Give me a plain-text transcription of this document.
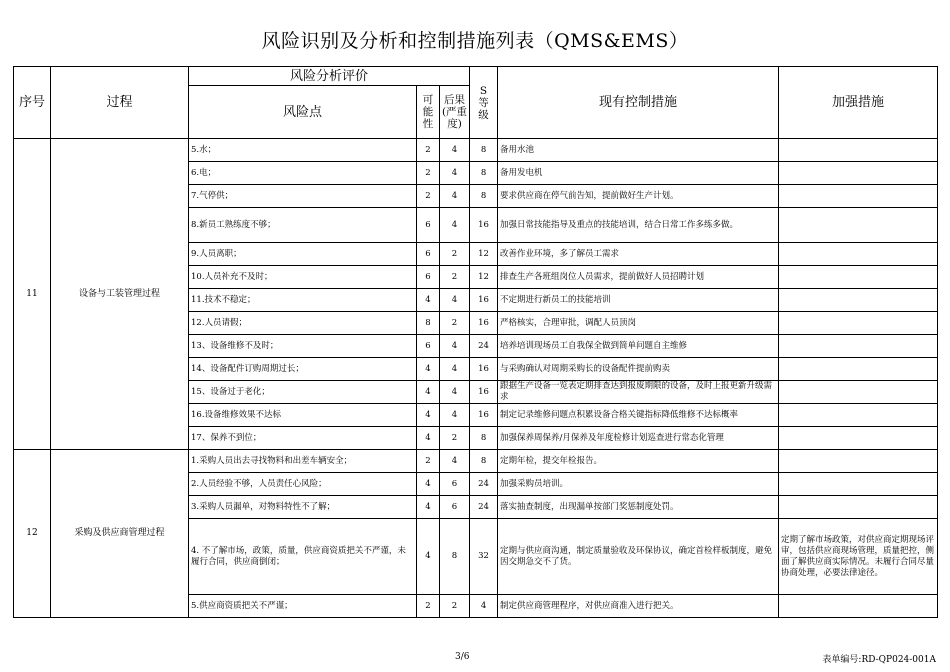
风险识别及分析和控制措施列表（QMS&EMS）
序号	过程	风险分析评价			S等级	现有控制措施	加强措施
		风险点	可能性	后果(严重度)			
11	设备与工装管理过程	5.水；	2	4	8	备用水池	
		6.电；	2	4	8	备用发电机	
		7.气停供；	2	4	8	要求供应商在停气前告知，提前做好生产计划。	
		8.新员工熟练度不够；	6	4	16	加强日常技能指导及重点的技能培训，结合日常工作多练多做。	
		9.人员离职；	6	2	12	改善作业环境，多了解员工需求	
		10.人员补充不及时；	6	2	12	排查生产各班组岗位人员需求，提前做好人员招聘计划	
		11.技术不稳定；	4	4	16	不定期进行新员工的技能培训	
		12.人员请假；	8	2	16	严格核实，合理审批，调配人员顶岗	
		13、设备维修不及时；	6	4	24	培养培训现场员工自我保全做到简单问题自主维修	
		14、设备配件订购周期过长；	4	4	16	与采购确认对周期采购长的设备配件提前购卖	
		15、设备过于老化；	4	4	16	跟据生产设备一览表定期排查达到报废期限的设备，及时上报更新升级需求	
		16.设备维修效果不达标	4	4	16	制定记录维修问题点积累设备合格关键指标降低维修不达标概率	
		17、保养不到位；	4	2	8	加强保养周保养/月保养及年度检修计划巡查进行常态化管理	
12	采购及供应商管理过程	1.采购人员出去寻找物料和出差车辆安全；	2	4	8	定期年检，提交年检报告。	
		2.人员经验不够，人员责任心风险；	4	6	24	加强采购员培训。	
		3.采购人员漏单，对物料特性不了解；	4	6	24	落实抽查制度，出现漏单按部门奖惩制度处罚。	
		4. 不了解市场，政策，质量，供应商资质把关不严谨，未履行合同，供应商倒闭；	4	8	32	定期与供应商沟通，制定质量验收及环保协议，确定首检样板制度，避免因交期急交不了货。	定期了解市场政策，对供应商定期现场评审，包括供应商现场管理，质量把控，侧面了解供应商实际情况。未履行合同尽量协商处理，必要法律途径。
		5.供应商资质把关不严谨；	2	2	4	制定供应商管理程序，对供应商准入进行把关。	
3/6	表单编号:RD-QP024-001A
